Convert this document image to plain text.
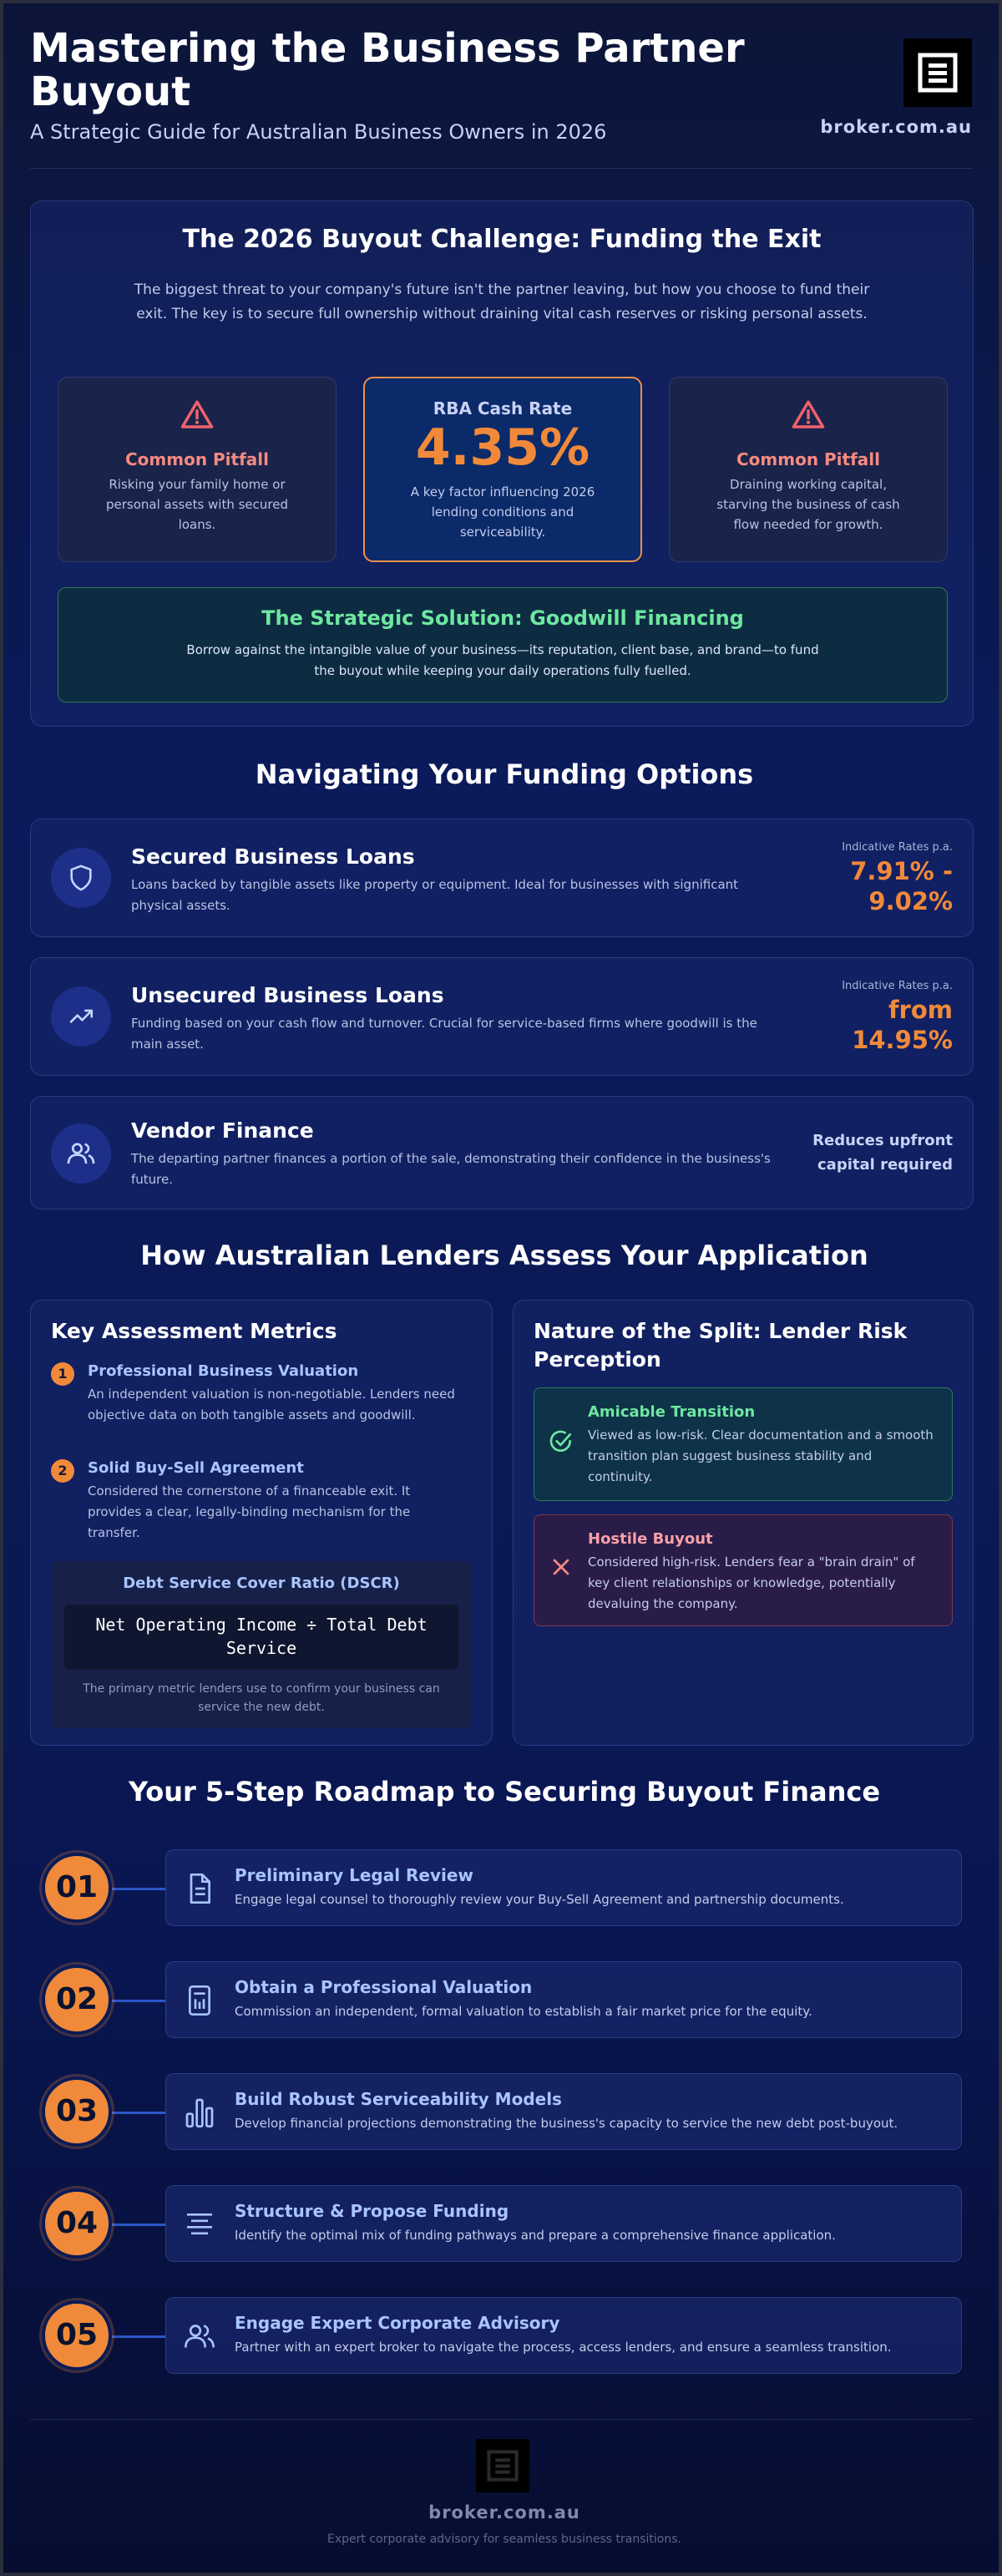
Mastering the Business Partner Buyout
A Strategic Guide for Australian Business Owners in 2026	broker.com.au
The 2026 Buyout Challenge: Funding the Exit
The biggest threat to your company's future isn't the partner leaving, but how you choose to fund their exit. The key is to secure full ownership without draining vital cash reserves or risking personal assets.
Common Pitfall
Risking your family home or personal assets with secured loans.
RBA Cash Rate
4.35%
A key factor influencing 2026 lending conditions and serviceability.
Common Pitfall
Draining working capital, starving the business of cash flow needed for growth.
The Strategic Solution: Goodwill Financing
Borrow against the intangible value of your business—its reputation, client base, and brand—to fund the buyout while keeping your daily operations fully fuelled.
Navigating Your Funding Options
Secured Business Loans
Loans backed by tangible assets like property or equipment. Ideal for businesses with significant physical assets.
Indicative Rates p.a.
7.91% -
9.02%
Unsecured Business Loans
Funding based on your cash flow and turnover. Crucial for service-based firms where goodwill is the main asset.
Indicative Rates p.a.
from
14.95%
Vendor Finance
The departing partner finances a portion of the sale, demonstrating their confidence in the business's future.
Reduces upfront
capital required
How Australian Lenders Assess Your Application
Key Assessment Metrics
1	Professional Business Valuation
An independent valuation is non-negotiable. Lenders need objective data on both tangible assets and goodwill.
2	Solid Buy-Sell Agreement
Considered the cornerstone of a financeable exit. It provides a clear, legally-binding mechanism for the transfer.
Debt Service Cover Ratio (DSCR)
Net Operating Income ÷ Total Debt Service
The primary metric lenders use to confirm your business can service the new debt.
Nature of the Split: Lender Risk Perception
Amicable Transition
Viewed as low-risk. Clear documentation and a smooth transition plan suggest business stability and continuity.
Hostile Buyout
Considered high-risk. Lenders fear a "brain drain" of key client relationships or knowledge, potentially devaluing the company.
Your 5-Step Roadmap to Securing Buyout Finance
01	Preliminary Legal Review
Engage legal counsel to thoroughly review your Buy-Sell Agreement and partnership documents.
02	Obtain a Professional Valuation
Commission an independent, formal valuation to establish a fair market price for the equity.
03	Build Robust Serviceability Models
Develop financial projections demonstrating the business's capacity to service the new debt post-buyout.
04	Structure & Propose Funding
Identify the optimal mix of funding pathways and prepare a comprehensive finance application.
05	Engage Expert Corporate Advisory
Partner with an expert broker to navigate the process, access lenders, and ensure a seamless transition.
broker.com.au
Expert corporate advisory for seamless business transitions.
